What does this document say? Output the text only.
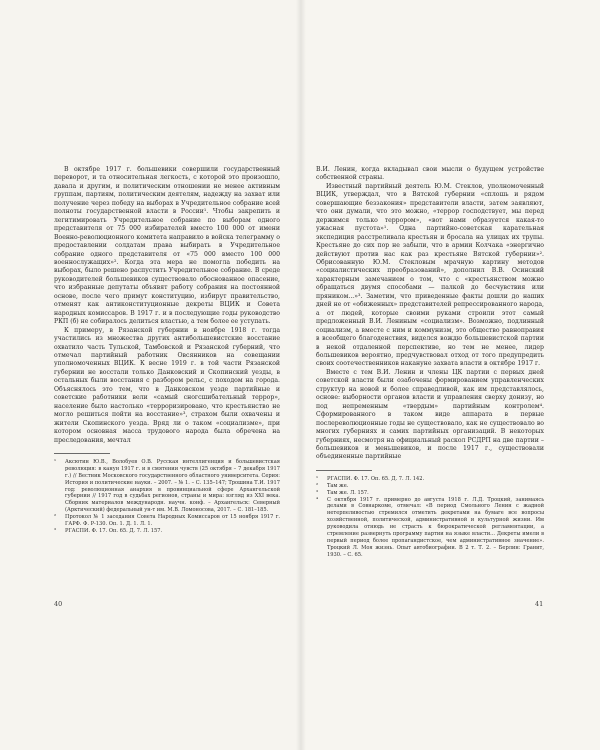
В октябре 1917 г. большевики совершили государственный переворот, и та относительная легкость, с которой это произошло, давала и другим, и политическим отношении не менее активным группам, партиям, политическим деятелям, надежду на захват или получение через победу на выборах в Учредительное собрание всей полноты государственной власти в России¹. Чтобы закрепить и легитимировать Учредительное собрание по выборам одного представителя от 75 000 избирателей вместо 100 000 от имени Военно-революционного комитета направило в войска телеграмму о предоставлении солдатам права выбирать в Учредительное собрание одного представителя от «75 000 вместо 100 000 военнослужащих»². Когда эта мера не помогла победить на выборах, было решено распустить Учредительное собрание. В среде руководителей большевиков существовало обоснованное опасение, что избранные депутаты объявят работу собрания на постоянной основе, после чего примут конституцию, избирут правительство, отменят как антиконституционные декреты ВЦИК и Совета народных комиссаров. В 1917 г. и в последующие годы руководство РКП (б) не собиралось делиться властью, а тем более ее уступать.

К примеру, в Рязанской губернии в ноябре 1918 г. тогда участились из множества других антибольшевистские восстание охватило часть Тульской, Тамбовской и Рязанской губерний, что отмечал партийный работник Овсянников на совещании уполномоченных ВЦИК. К весне 1919 г. в той части Рязанской губернии не восстали только Данковский и Скопинский уезды, в остальных были восстания с разбором рельс, с походом на города. Объяснялось это тем, что в Данковском уезде партийные и советские работники вели «самый сногсшибательный террор», население было настолько «терроризировано, что крестьянство не могло решиться пойти на восстание»³, страхом были охвачены и жители Скопинского уезда. Вряд ли о таком «социализме», при котором основная масса трудового народа была обречена на преследования, мечтал

¹	Аксютин Ю.В., Волобуев О.В. Русская интеллигенция и большевистская революция: в канун 1917 г. и в смятении чувств (25 октября – 7 декабря 1917 г.) // Вестник Московского государственного областного университета. Серия: История и политические науки. – 2007. – № 1. – С. 135–147; Трошина Т.И. 1917 год: революционная анархия в провинциальной сфере Архангельской губернии // 1917 год в судьбах регионов, страны и мира: взгляд из XXI века. Сборник материалов международн. научн. конф. – Архангельск: Северный (Арктический) федеральный ун-т им. М.В. Ломоносова, 2017. – С. 181–185.
²	Протокол № 1 заседания Совета Народных Комиссаров от 15 ноября 1917 г. ГАРФ. Ф. Р-130. Оп. 1. Д. 1. Л. 1.
³	РГАСПИ. Ф. 17. Оп. 65. Д. 7. Л. 157.
40

В.И. Ленин, когда вкладывал свои мысли о будущем устройстве собственной страны.

Известный партийный деятель Ю.М. Стеклов, уполномоченный ВЦИК, утверждал, что в Вятской губернии «сплошь и рядом совершающие беззакония» представители власти, затем заявляют, что они думали, что это можно, «террор господствует, мы перед держимся только террором», «вот нами образуется какая-то ужасная пустота»¹. Одна партийно-советская карательная экспедиция расстреливала крестьян и бросала на улицах их трупы. Крестьяне до сих пор не забыли, что в армии Колчака «энергично действуют против нас как раз крестьяне Вятской губернии»². Обрисованную Ю.М. Стекловым мрачную картину методов «социалистических преобразований», дополнил В.В. Осинский характерным замечанием о том, что с «крестьянством можно обращаться двумя способами — палкой до бесчувствия или пряником...»³. Заметим, что приведенные факты дошли до наших дней не от «обиженных» представителей репрессированного народа, а от людей, которые своими руками строили этот самый предложенный В.И. Лениным «социализм». Возможно, подлинный социализм, а вместе с ним и коммунизм, это общество равноправия в всеобщего благоденствия, виделся вождю большевистской партии в некой отдаленной перспективе, но тем не менее, лидер большевиков вероятно, предчувствовал отход от того предупредить своих соотечественников накануне захвата власти в октябре 1917 г.

Вместе с тем В.И. Ленин и члены ЦК партии с первых дней советской власти были озабочены формированием управленческих структур на новой и более справедливой, как им представлялось, основе: выборности органов власти и управления сверху донизу, но под непременным «твердым» партийным контролем⁴. Сформированного в таком виде аппарата в первые послереволюционные годы не существовало, как не существовало во многих губерниях и самих партийных организаций. В некоторых губерниях, несмотря на официальный раскол РСДРП на две партии – большевиков и меньшевиков, и после 1917 г., существовали объединенные партийные

¹	РГАСПИ. Ф. 17. Оп. 65. Д. 7. Л. 142.
²	Там же.
³	Там же. Л. 157.
⁴	С октября 1917 г. примерно до августа 1918 г. Л.Д. Троцкий, занимаясь делами в Совнаркоме, отмечал: «В период Смольного Ленин с жадной нетерпеливостью стремился отметить декретами на бумаге все вопросы хозяйственной, политической, административной и культурной жизни. Им руководила отнюдь не страсть к бюрократической регламентации, а стремление развернуть программу партии на языке власти... Декреты имели в первый период более пропагандистское, чем административное значение». Троцкий Л. Моя жизнь. Опыт автобиографии. В 2 т. Т. 2. – Берлин: Гранит, 1930. – С. 65.
41
